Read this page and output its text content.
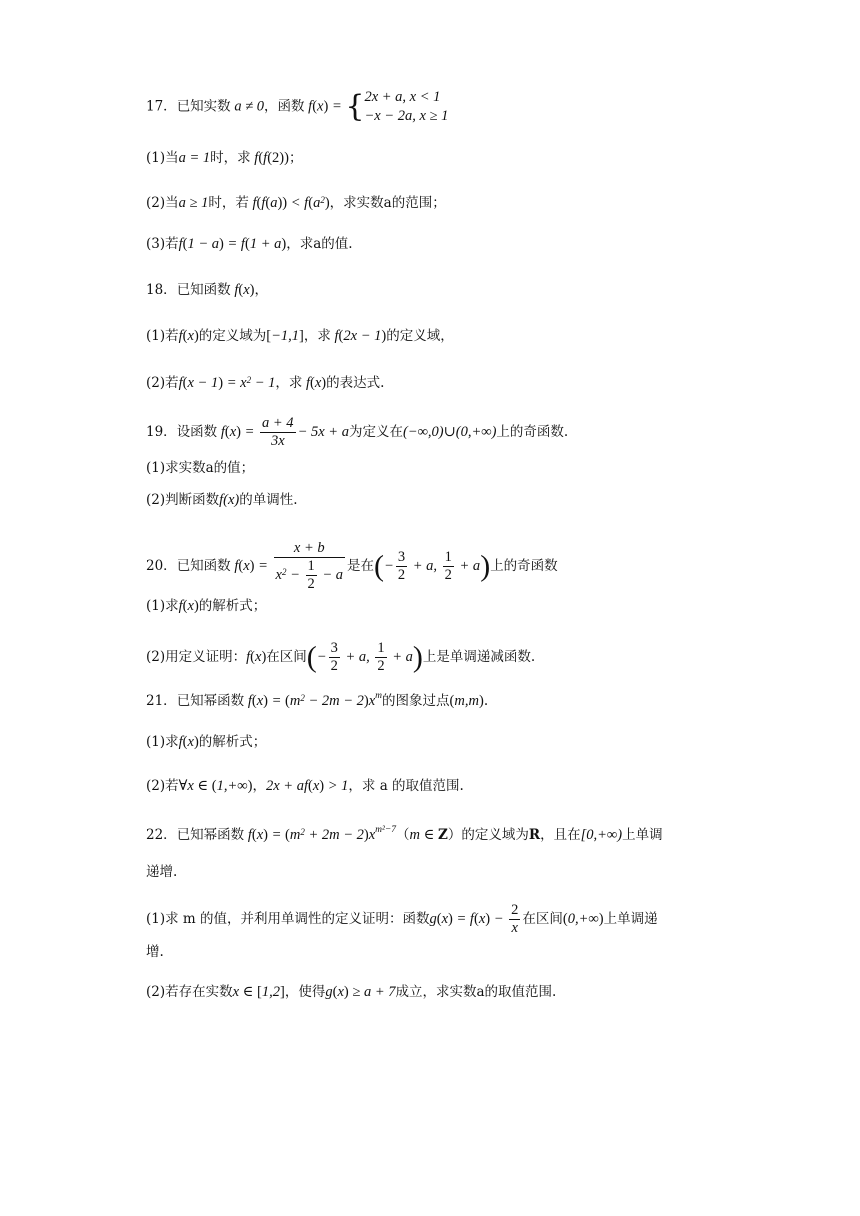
17．已知实数 a ≠ 0，函数 f(x) = { 2x + a, x < 1
−x − 2a, x ≥ 1
(1)当a = 1时，求 f(f(2))；
(2)当a ≥ 1时，若 $f(f(a)) < f(a^2)$，求实数a的范围；
(3)若f(1 − a) = f(1 + a)，求a的值.
18．已知函数 f(x)，
(1)若f(x)的定义域为[−1,1]，求 f(2x − 1)的定义域，
(2)若$f(x - 1) = x^2 - 1$，求 f(x)的表达式.
19．设函数 $f(x) = \frac{a + 4}{3x} - 5x + a$为定义在(−∞,0)∪(0,+∞)上的奇函数.
(1)求实数a的值；
(2)判断函数f(x)的单调性.
20．已知函数 $f(x) = \frac{x + b}{x^2 - \frac{1}{2} - a}$ 是在(− $\frac{3}{2} + a$, $\frac{1}{2} + a$)上的奇函数
(1)求f(x)的解析式；
(2)用定义证明：f(x)在区间(− $\frac{3}{2} + a$, $\frac{1}{2} + a$)上是单调递减函数.
21．已知幂函数 $f(x) = (m^2 - 2m - 2)x^m$的图象过点(m,m).
(1)求f(x)的解析式；
(2)若∀x ∈ (1,+∞)，2x + af(x) > 1，求 a 的取值范围.
22．已知幂函数 $f(x) = (m^2 + 2m - 2)x^{m^2-7}(m$ ∈ Z）的定义域为R，且在[0,+∞)上单调
递增.
(1)求 m 的值，并利用单调性的定义证明：函数$g(x) = f(x) - \frac{2}{x}$ 在区间(0,+∞)上单调递
增.
(2)若存在实数x ∈ [1,2]，使得g(x) ≥ a + 7成立，求实数a的取值范围.
